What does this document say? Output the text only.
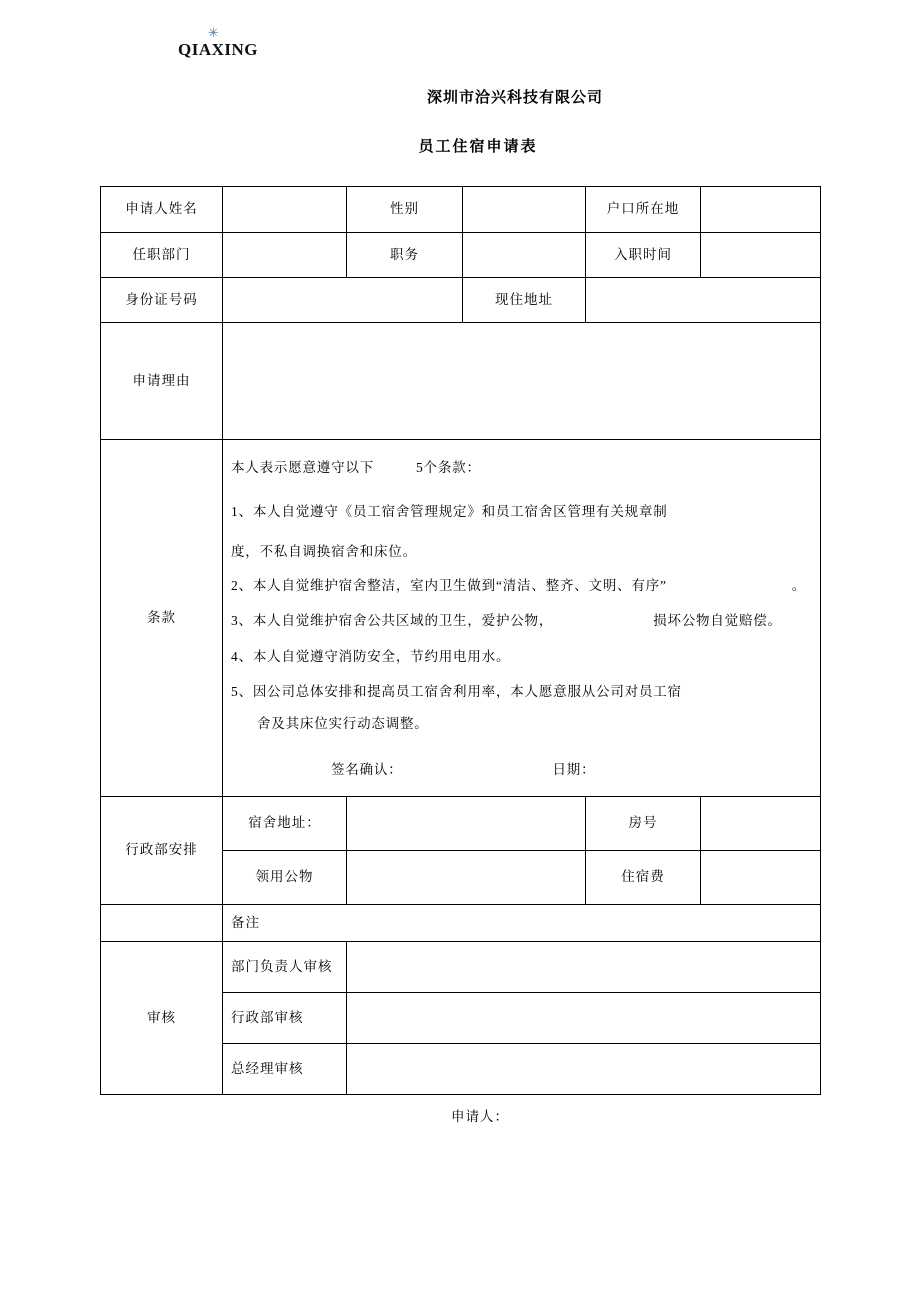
✳
QIAXING
深圳市洽兴科技有限公司
员工住宿申请表
申请人姓名		性别		户口所在地	
任职部门		职务		入职时间	
身份证号码			现住地址		
申请理由					
条款	

本人表示愿意遵守以下	5个条款：

1、本人自觉遵守《员工宿舍管理规定》和员工宿舍区管理有关规章制

度，不私自调换宿舍和床位。

2、本人自觉维护宿舍整洁，室内卫生做到“清洁、整齐、文明、有序”	。

3、本人自觉维护宿舍公共区域的卫生，爱护公物，	损坏公物自觉赔偿。

4、本人自觉遵守消防安全，节约用电用水。

5、因公司总体安排和提高员工宿舍利用率，本人愿意服从公司对员工宿

舍及其床位实行动态调整。

签名确认：	日期：

行政部安排	宿舍地址：			房号	
	领用公物			住宿费	
	备注				
审核	部门负责人审核				
	行政部审核				
	总经理审核				
申请人：
